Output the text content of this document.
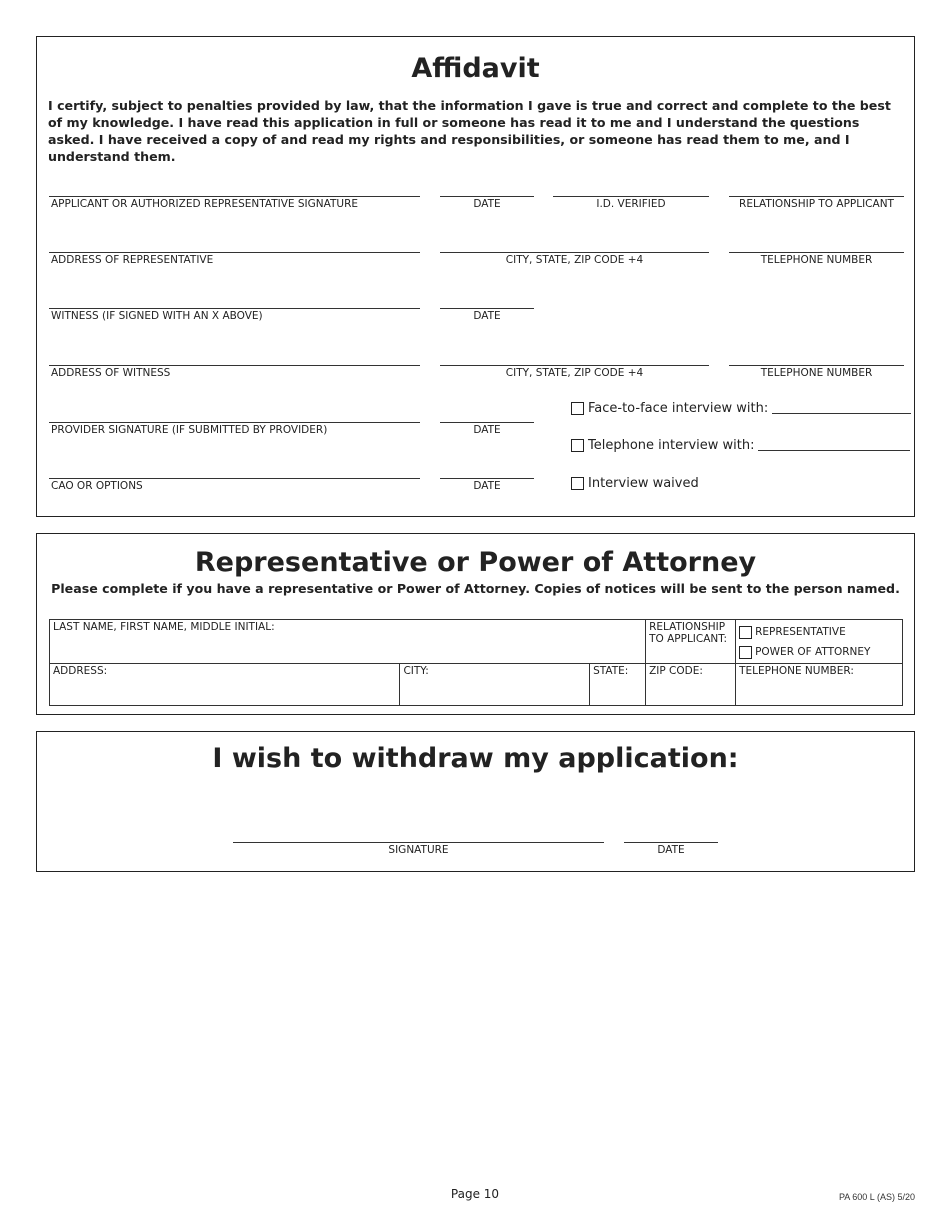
Affidavit
I certify, subject to penalties provided by law, that the information I gave is true and correct and complete to the best of my knowledge. I have read this application in full or someone has read it to me and I understand the questions asked. I have received a copy of and read my rights and responsibilities, or someone has read them to me, and I understand them.
APPLICANT OR AUTHORIZED REPRESENTATIVE SIGNATURE	DATE	I.D. VERIFIED	RELATIONSHIP TO APPLICANT
ADDRESS OF REPRESENTATIVE	CITY, STATE, ZIP CODE +4	TELEPHONE NUMBER
WITNESS (IF SIGNED WITH AN X ABOVE)	DATE
ADDRESS OF WITNESS	CITY, STATE, ZIP CODE +4	TELEPHONE NUMBER
PROVIDER SIGNATURE (IF SUBMITTED BY PROVIDER)	DATE
CAO OR OPTIONS	DATE
Face-to-face interview with:
Telephone interview with:
Interview waived
Representative or Power of Attorney
Please complete if you have a representative or Power of Attorney. Copies of notices will be sent to the person named.
LAST NAME, FIRST NAME, MIDDLE INITIAL:			RELATIONSHIP TO APPLICANT:	REPRESENTATIVE
POWER OF ATTORNEY

ADDRESS:	CITY:	STATE:	ZIP CODE:	TELEPHONE NUMBER:
I wish to withdraw my application:
SIGNATURE	DATE
Page 10	PA 600 L (AS) 5/20
